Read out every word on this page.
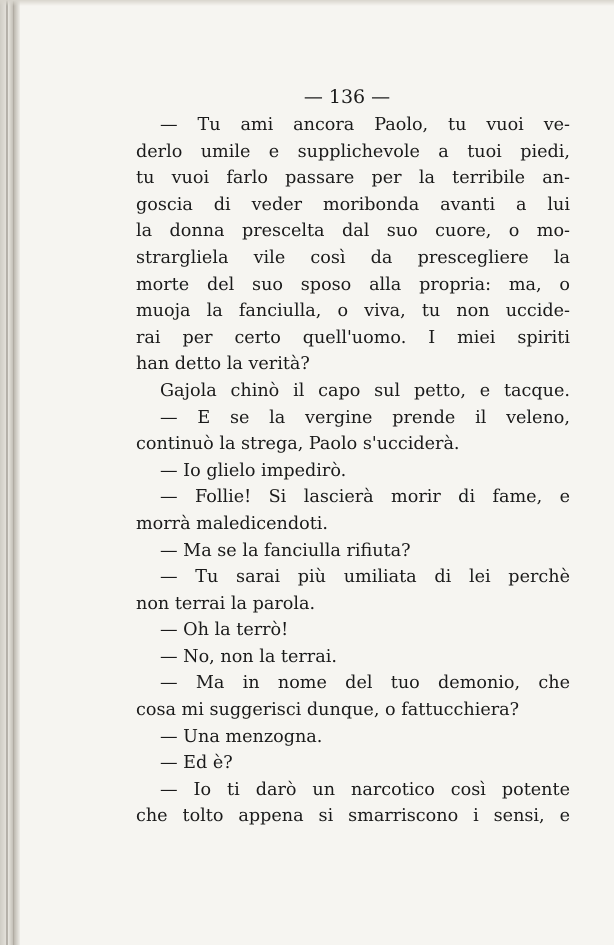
— 136 —
— Tu ami ancora Paolo, tu vuoi ve-
derlo umile e supplichevole a tuoi piedi,
tu vuoi farlo passare per la terribile an-
goscia di veder moribonda avanti a lui
la donna prescelta dal suo cuore, o mo-
strargliela vile così da presceglierе la
morte del suo sposo alla propria: ma, o
muoja la fanciulla, o viva, tu non uccide-
rai per certo quell'uomo. I miei spiriti
han detto la verità?
Gajola chinò il capo sul petto, e tacque.
— E se la vergine prende il veleno,
continuò la strega, Paolo s'ucciderà.
— Io glielo impedirò.
— Follie! Si lascierà morir di fame, e
morrà maledicendoti.
— Ma se la fanciulla rifiuta?
— Tu sarai più umiliata di lei perchè
non terrai la parola.
— Oh la terrò!
— No, non la terrai.
— Ma in nome del tuo demonio, che
cosa mi suggerisci dunque, o fattucchiera?
— Una menzogna.
— Ed è?
— Io ti darò un narcotico così potente
che tolto appena si smarriscono i sensi, e
